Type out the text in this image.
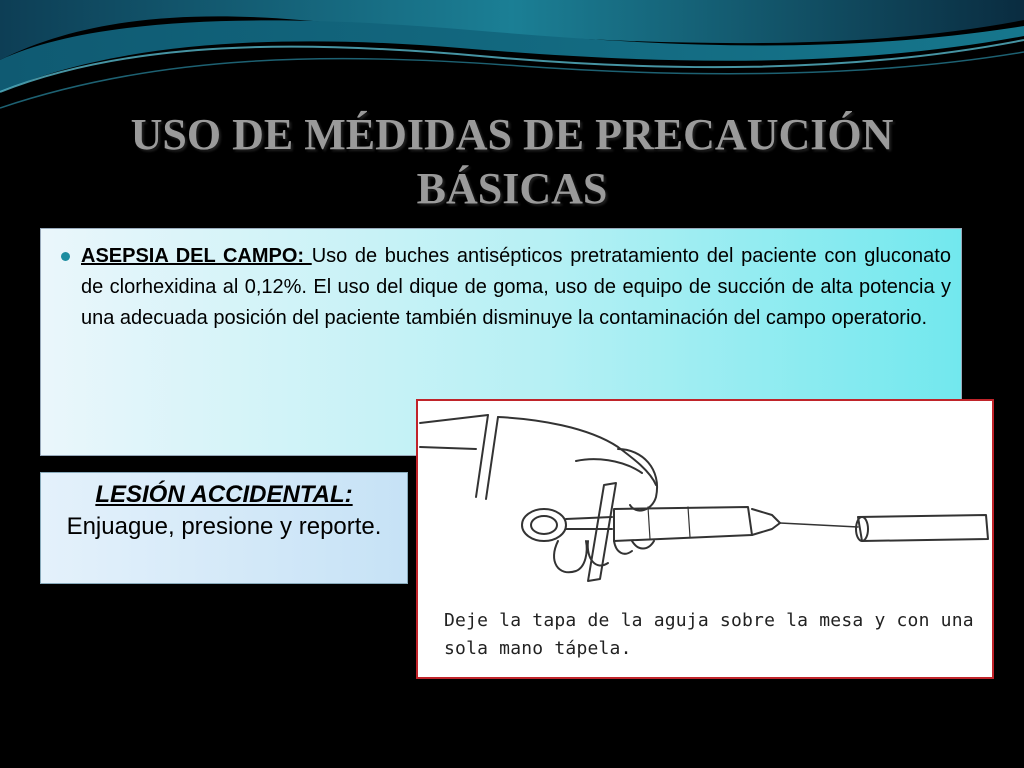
USO DE MÉDIDAS DE PRECAUCIÓN BÁSICAS

ASEPSIA DEL CAMPO: Uso de buches antisépticos pretratamiento del paciente con gluconato de clorhexidina al 0,12%. El uso del dique de goma, uso de equipo de succión de alta potencia y una adecuada posición del paciente también disminuye la contaminación del campo operatorio.

LESIÓN ACCIDENTAL:
Enjuague, presione y reporte.

Deje la tapa de la aguja sobre la mesa y con una sola mano tápela.
